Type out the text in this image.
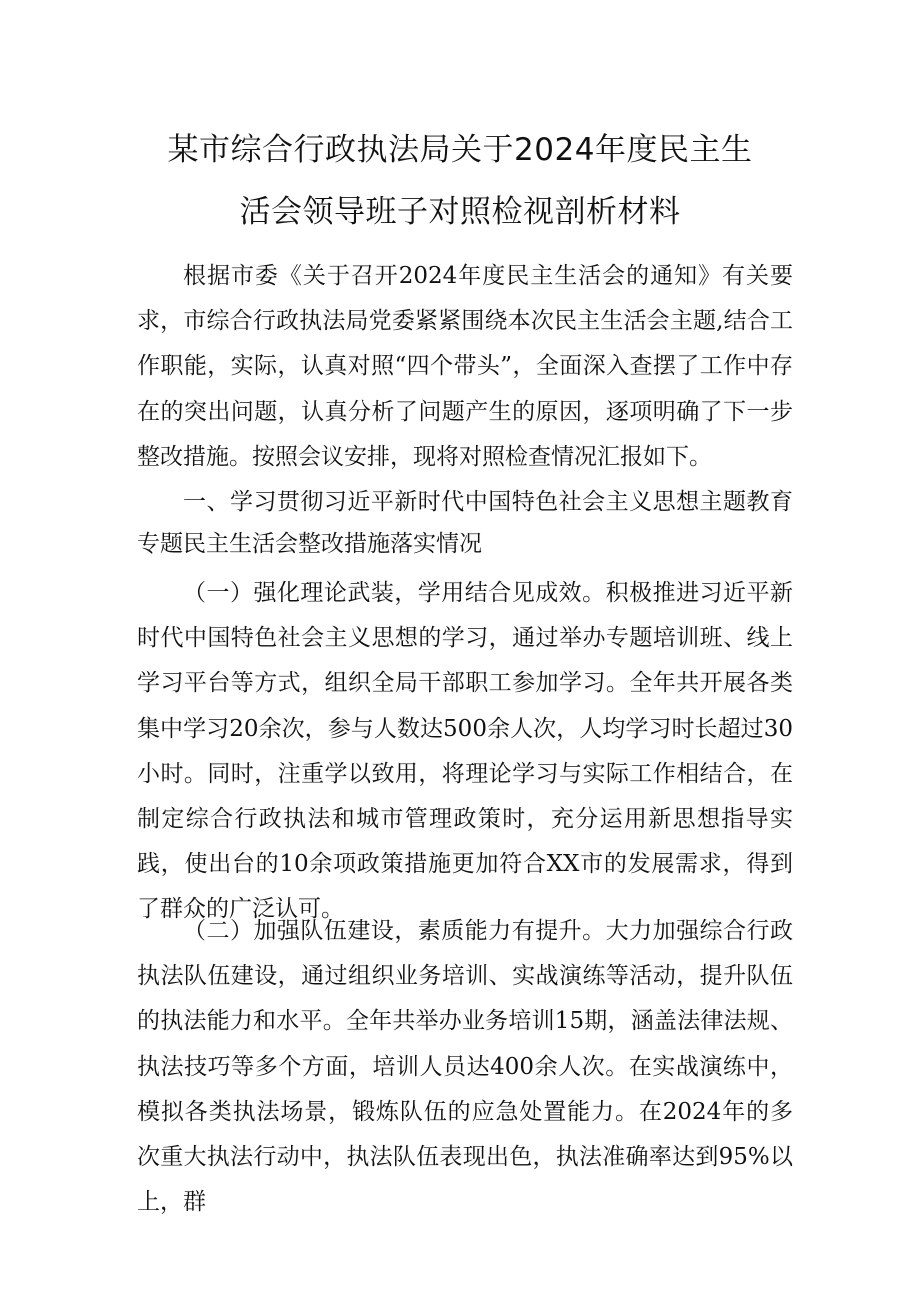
某市综合行政执法局关于2024年度民主生
活会领导班子对照检视剖析材料

根据市委《关于召开2024年度民主生活会的通知》有关要求，市综合行政执法局党委紧紧围绕本次民主生活会主题,结合工作职能，实际，认真对照“四个带头”，全面深入查摆了工作中存在的突出问题，认真分析了问题产生的原因，逐项明确了下一步整改措施。按照会议安排，现将对照检查情况汇报如下。

一、学习贯彻习近平新时代中国特色社会主义思想主题教育专题民主生活会整改措施落实情况

（一）强化理论武装，学用结合见成效。积极推进习近平新时代中国特色社会主义思想的学习，通过举办专题培训班、线上学习平台等方式，组织全局干部职工参加学习。全年共开展各类集中学习20余次，参与人数达500余人次，人均学习时长超过30小时。同时，注重学以致用，将理论学习与实际工作相结合，在制定综合行政执法和城市管理政策时，充分运用新思想指导实践，使出台的10余项政策措施更加符合XX市的发展需求，得到了群众的广泛认可。

（二）加强队伍建设，素质能力有提升。大力加强综合行政执法队伍建设，通过组织业务培训、实战演练等活动，提升队伍的执法能力和水平。全年共举办业务培训15期，涵盖法律法规、执法技巧等多个方面，培训人员达400余人次。在实战演练中，模拟各类执法场景，锻炼队伍的应急处置能力。在2024年的多次重大执法行动中，执法队伍表现出色，执法准确率达到95%以上，群
